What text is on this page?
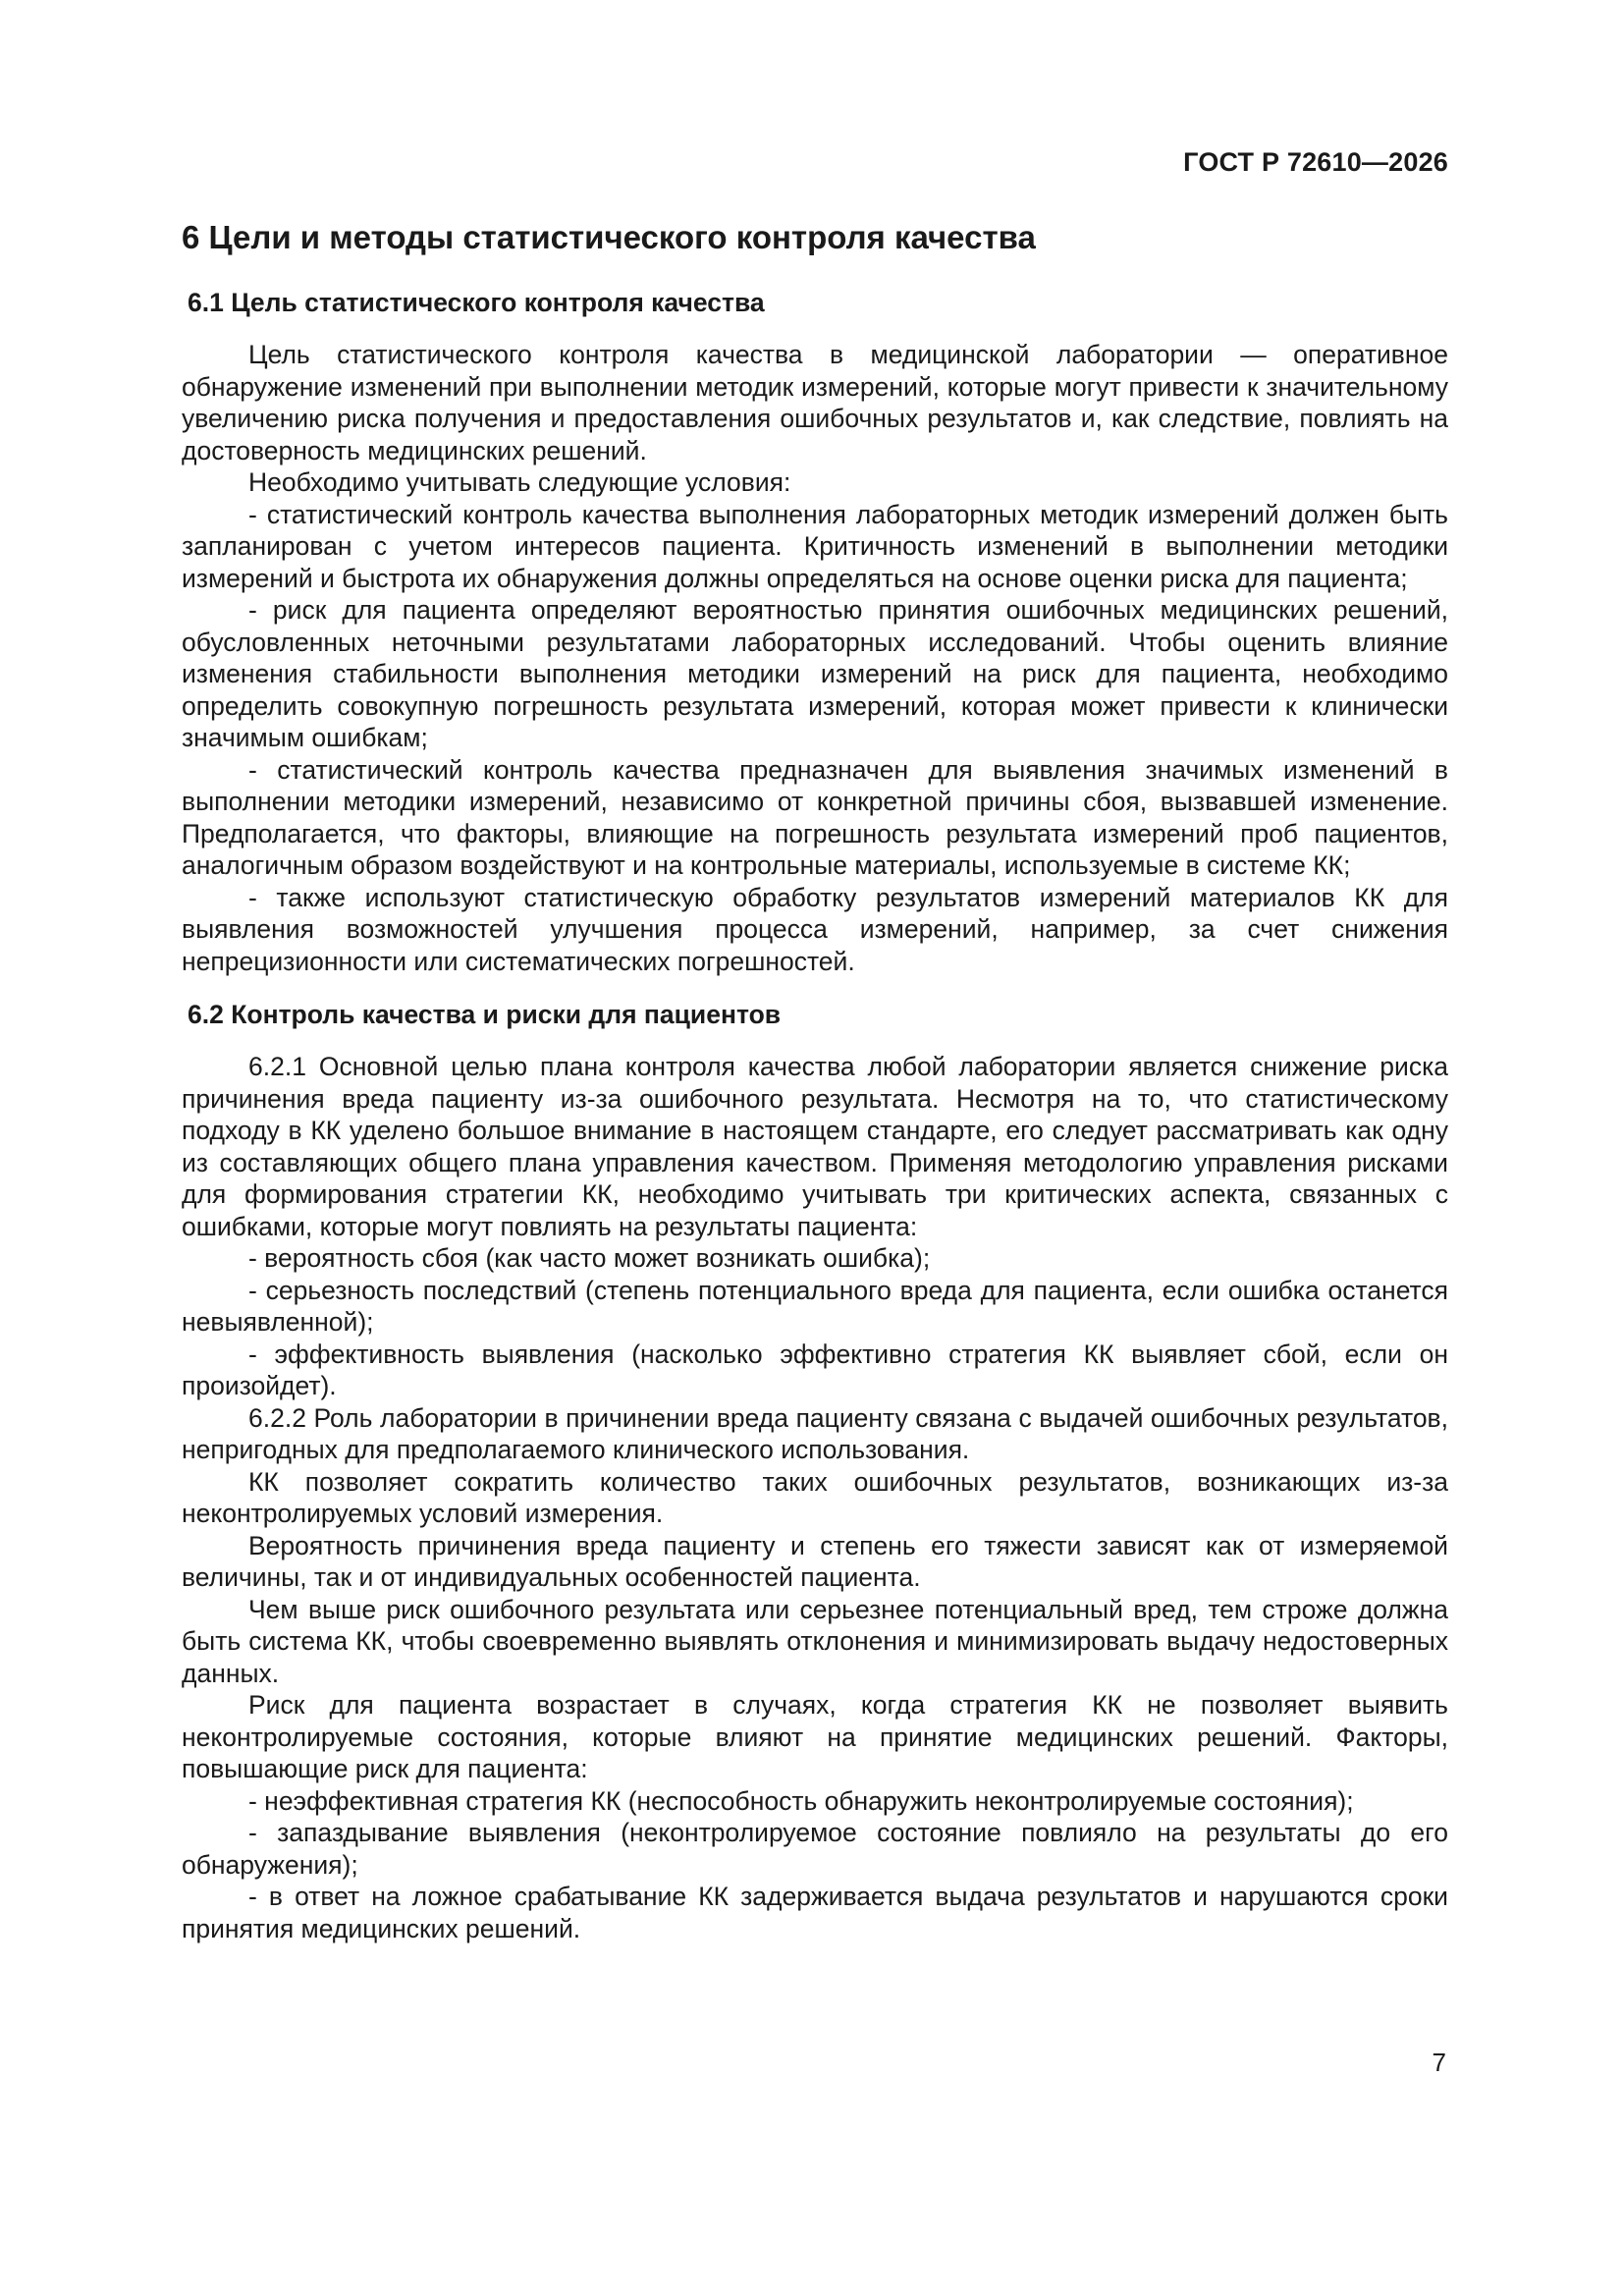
ГОСТ Р 72610—2026
6 Цели и методы статистического контроля качества
6.1 Цель статистического контроля качества

Цель статистического контроля качества в медицинской лаборатории — оперативное обнаружение изменений при выполнении методик измерений, которые могут привести к значительному увеличению риска получения и предоставления ошибочных результатов и, как следствие, повлиять на достоверность медицинских решений.

Необходимо учитывать следующие условия:

- статистический контроль качества выполнения лабораторных методик измерений должен быть запланирован с учетом интересов пациента. Критичность изменений в выполнении методики измерений и быстрота их обнаружения должны определяться на основе оценки риска для пациента;

- риск для пациента определяют вероятностью принятия ошибочных медицинских решений, обусловленных неточными результатами лабораторных исследований. Чтобы оценить влияние изменения стабильности выполнения методики измерений на риск для пациента, необходимо определить совокупную погрешность результата измерений, которая может привести к клинически значимым ошибкам;

- статистический контроль качества предназначен для выявления значимых изменений в выполнении методики измерений, независимо от конкретной причины сбоя, вызвавшей изменение. Предполагается, что факторы, влияющие на погрешность результата измерений проб пациентов, аналогичным образом воздействуют и на контрольные материалы, используемые в системе КК;

- также используют статистическую обработку результатов измерений материалов КК для выявления возможностей улучшения процесса измерений, например, за счет снижения непрецизионности или систематических погрешностей.

6.2 Контроль качества и риски для пациентов

6.2.1 Основной целью плана контроля качества любой лаборатории является снижение риска причинения вреда пациенту из-за ошибочного результата. Несмотря на то, что статистическому подходу в КК уделено большое внимание в настоящем стандарте, его следует рассматривать как одну из составляющих общего плана управления качеством. Применяя методологию управления рисками для формирования стратегии КК, необходимо учитывать три критических аспекта, связанных с ошибками, которые могут повлиять на результаты пациента:

- вероятность сбоя (как часто может возникать ошибка);

- серьезность последствий (степень потенциального вреда для пациента, если ошибка останется невыявленной);

- эффективность выявления (насколько эффективно стратегия КК выявляет сбой, если он произойдет).

6.2.2 Роль лаборатории в причинении вреда пациенту связана с выдачей ошибочных результатов, непригодных для предполагаемого клинического использования.

КК позволяет сократить количество таких ошибочных результатов, возникающих из-за неконтролируемых условий измерения.

Вероятность причинения вреда пациенту и степень его тяжести зависят как от измеряемой величины, так и от индивидуальных особенностей пациента.

Чем выше риск ошибочного результата или серьезнее потенциальный вред, тем строже должна быть система КК, чтобы своевременно выявлять отклонения и минимизировать выдачу недостоверных данных.

Риск для пациента возрастает в случаях, когда стратегия КК не позволяет выявить неконтролируемые состояния, которые влияют на принятие медицинских решений. Факторы, повышающие риск для пациента:

- неэффективная стратегия КК (неспособность обнаружить неконтролируемые состояния);

- запаздывание выявления (неконтролируемое состояние повлияло на результаты до его обнаружения);

- в ответ на ложное срабатывание КК задерживается выдача результатов и нарушаются сроки принятия медицинских решений.

7
